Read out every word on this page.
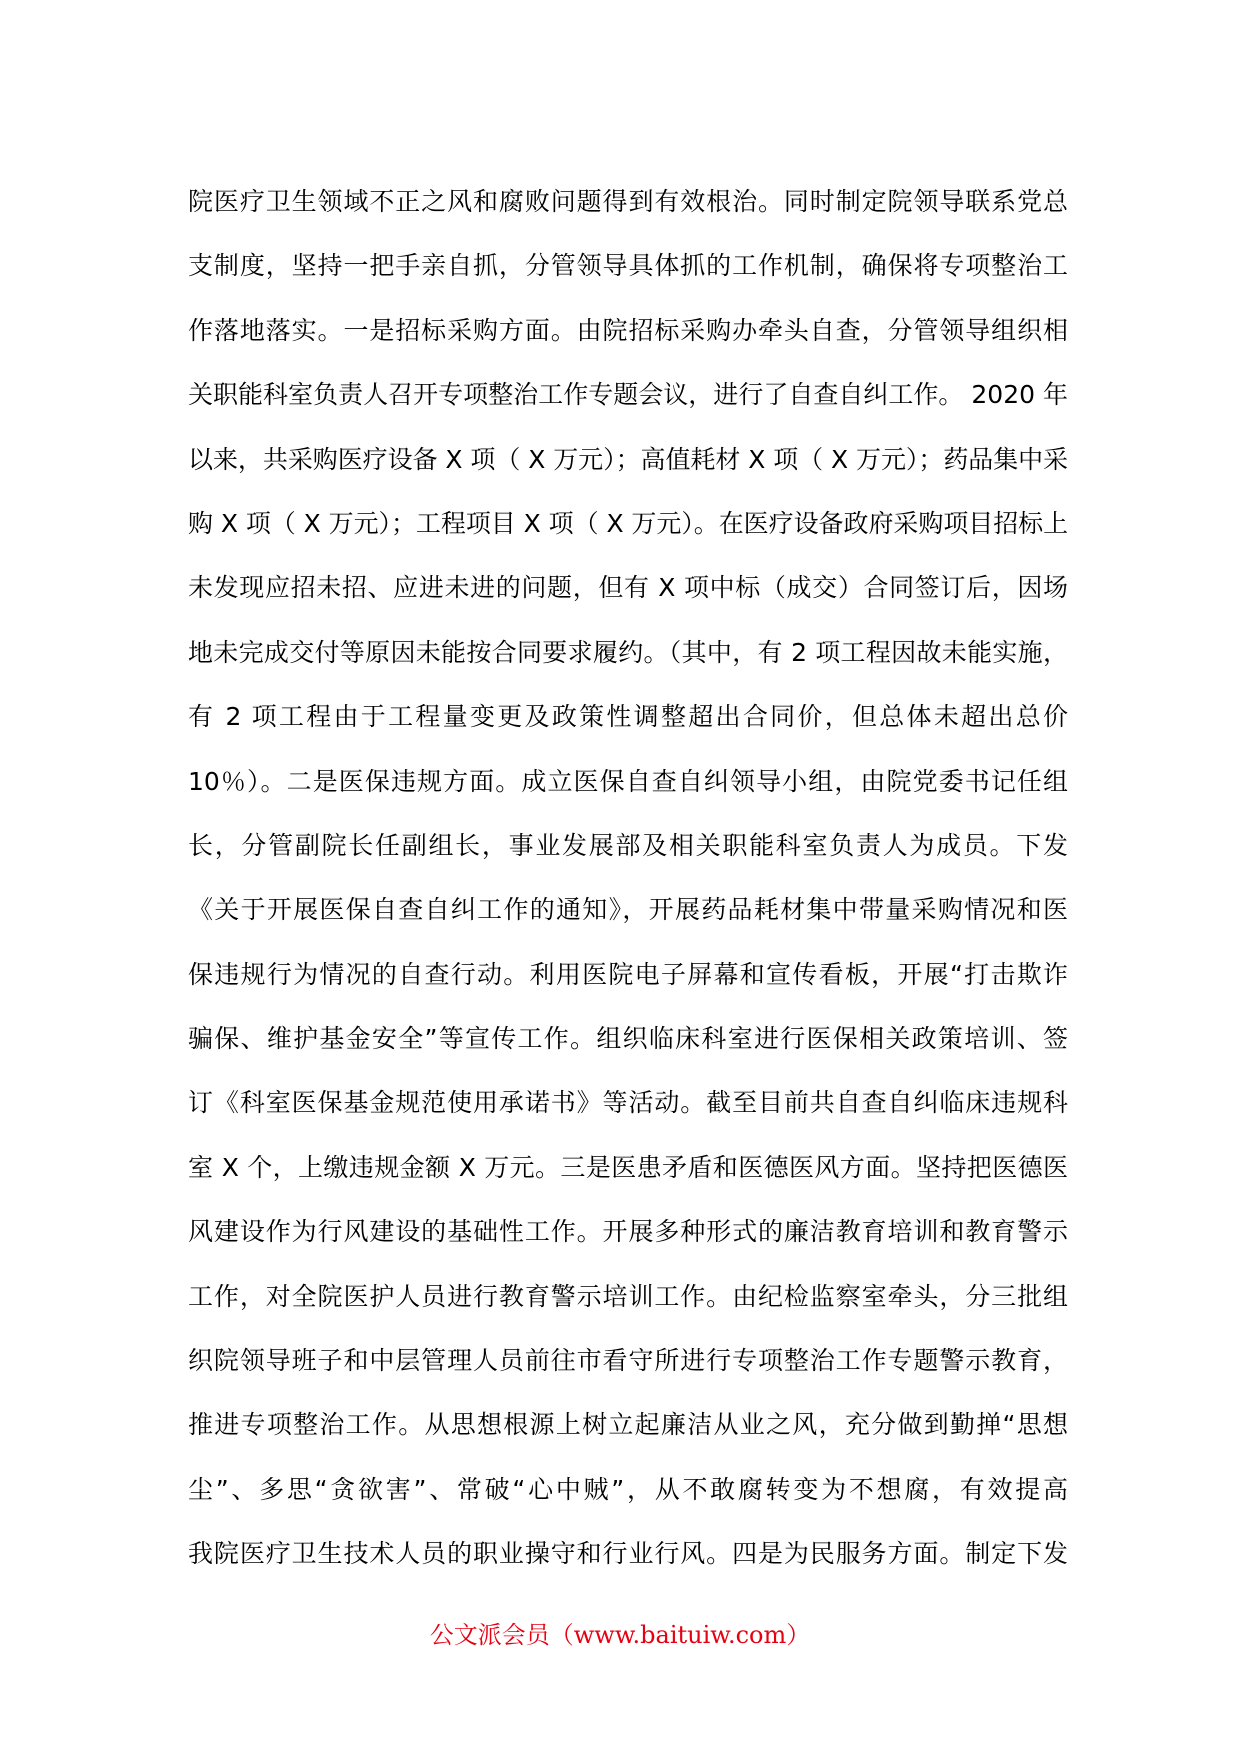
院医疗卫生领域不正之风和腐败问题得到有效根治。同时制定院领导联系党总
支制度，坚持一把手亲自抓，分管领导具体抓的工作机制，确保将专项整治工
作落地落实。一是招标采购方面。由院招标采购办牵头自查，分管领导组织相
关职能科室负责人召开专项整治工作专题会议，进行了自查自纠工作。 2020 年
以来，共采购医疗设备 X 项（ X 万元）；高值耗材 X 项（ X 万元）；药品集中采
购 X 项（ X 万元）；工程项目 X 项（ X 万元）。在医疗设备政府采购项目招标上
未发现应招未招、应进未进的问题，但有 X 项中标（成交）合同签订后，因场
地未完成交付等原因未能按合同要求履约。（其中，有 2 项工程因故未能实施，
有 2 项工程由于工程量变更及政策性调整超出合同价，但总体未超出总价
10％）。二是医保违规方面。成立医保自查自纠领导小组，由院党委书记任组
长，分管副院长任副组长，事业发展部及相关职能科室负责人为成员。下发
《关于开展医保自查自纠工作的通知》，开展药品耗材集中带量采购情况和医
保违规行为情况的自查行动。利用医院电子屏幕和宣传看板，开展“打击欺诈
骗保、维护基金安全”等宣传工作。组织临床科室进行医保相关政策培训、签
订《科室医保基金规范使用承诺书》等活动。截至目前共自查自纠临床违规科
室 X 个，上缴违规金额 X 万元。三是医患矛盾和医德医风方面。坚持把医德医
风建设作为行风建设的基础性工作。开展多种形式的廉洁教育培训和教育警示
工作，对全院医护人员进行教育警示培训工作。由纪检监察室牵头，分三批组
织院领导班子和中层管理人员前往市看守所进行专项整治工作专题警示教育，
推进专项整治工作。从思想根源上树立起廉洁从业之风，充分做到勤掸“思想
尘”、多思“贪欲害”、常破“心中贼”，从不敢腐转变为不想腐，有效提高
我院医疗卫生技术人员的职业操守和行业行风。四是为民服务方面。制定下发
公文派会员（www.baituiw.com）
